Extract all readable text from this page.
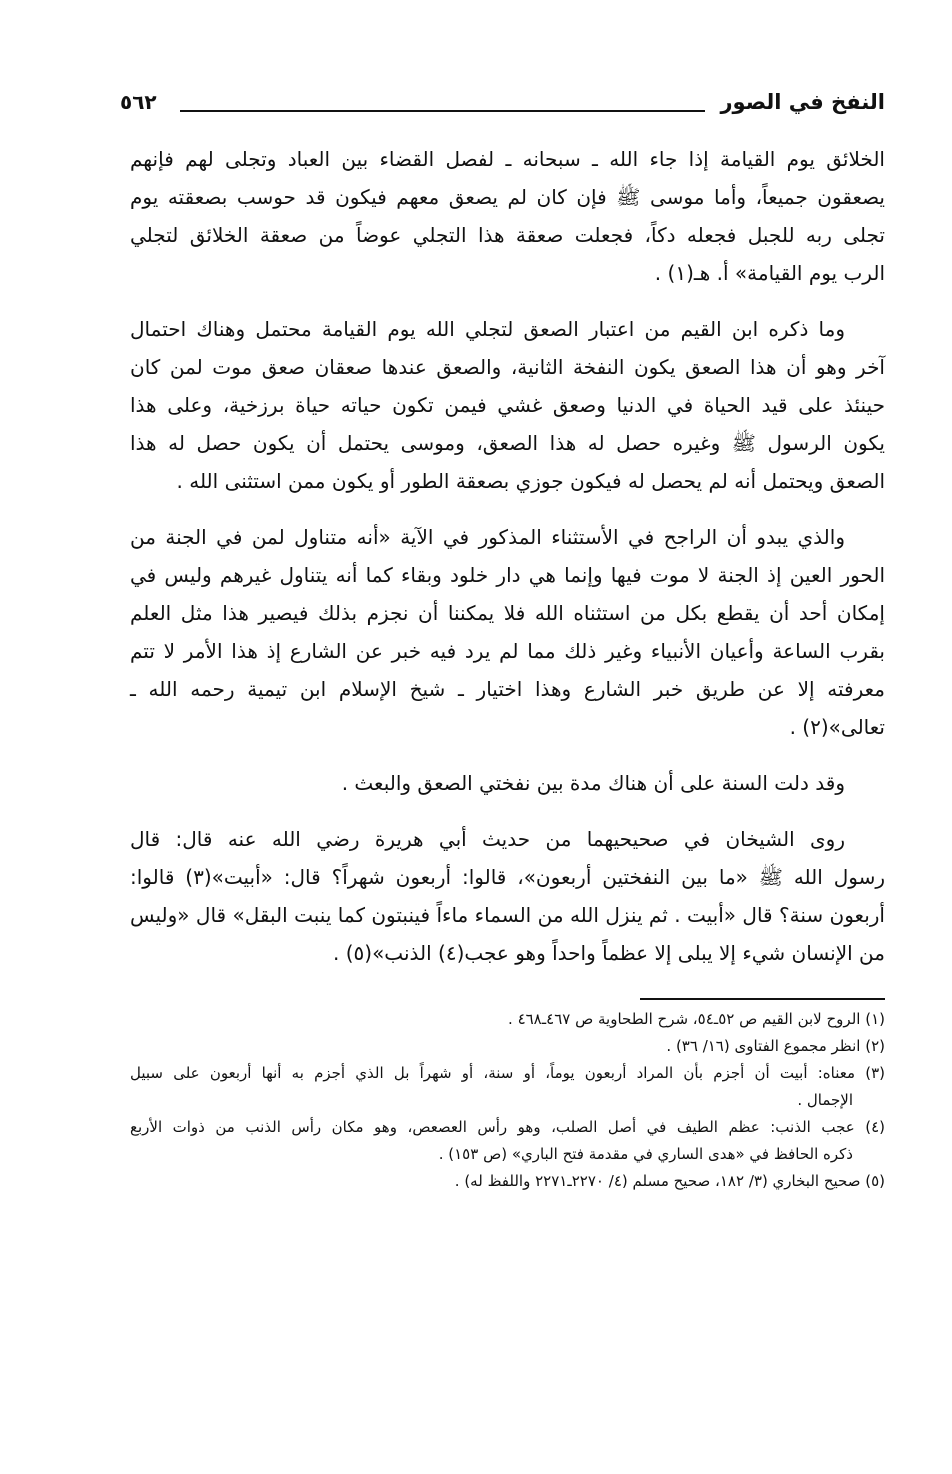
النفخ في الصور
٥٦٢
الخلائق يوم القيامة إذا جاء الله ـ سبحانه ـ لفصل القضاء بين العباد وتجلى لهم فإنهم
يصعقون جميعاً، وأما موسى ﷺ فإن كان لم يصعق معهم فيكون قد حوسب بصعقته يوم
تجلى ربه للجبل فجعله دكاً، فجعلت صعقة هذا التجلي عوضاً من صعقة الخلائق لتجلي
الرب يوم القيامة» أ. هـ(١) .
وما ذكره ابن القيم من اعتبار الصعق لتجلي الله يوم القيامة محتمل وهناك احتمال
آخر وهو أن هذا الصعق يكون النفخة الثانية، والصعق عندها صعقان صعق موت لمن كان
حينئذ على قيد الحياة في الدنيا وصعق غشي فيمن تكون حياته حياة برزخية، وعلى هذا
يكون الرسول ﷺ وغيره حصل له هذا الصعق، وموسى يحتمل أن يكون حصل له هذا
الصعق ويحتمل أنه لم يحصل له فيكون جوزي بصعقة الطور أو يكون ممن استثنى الله .
والذي يبدو أن الراجح في الأستثناء المذكور في الآية «أنه متناول لمن في الجنة من
الحور العين إذ الجنة لا موت فيها وإنما هي دار خلود وبقاء كما أنه يتناول غيرهم وليس في
إمكان أحد أن يقطع بكل من استثناه الله فلا يمكننا أن نجزم بذلك فيصير هذا مثل العلم
بقرب الساعة وأعيان الأنبياء وغير ذلك مما لم يرد فيه خبر عن الشارع إذ هذا الأمر لا تتم
معرفته إلا عن طريق خبر الشارع وهذا اختيار ـ شيخ الإسلام ابن تيمية رحمه الله ـ
تعالى»(٢) .
وقد دلت السنة على أن هناك مدة بين نفختي الصعق والبعث .
روى الشيخان في صحيحيهما من حديث أبي هريرة رضي الله عنه قال: قال
رسول الله ﷺ «ما بين النفختين أربعون»، قالوا: أربعون شهراً؟ قال: «أبيت»(٣) قالوا:
أربعون سنة؟ قال «أبيت . ثم ينزل الله من السماء ماءاً فينبتون كما ينبت البقل» قال «وليس
من الإنسان شيء إلا يبلى إلا عظماً واحداً وهو عجب(٤) الذنب»(٥) .
(١) الروح لابن القيم ص ٥٢ـ٥٤، شرح الطحاوية ص ٤٦٧ـ٤٦٨ .
(٢) انظر مجموع الفتاوى (١٦/ ٣٦) .
(٣) معناه: أبيت أن أجزم بأن المراد أربعون يوماً، أو سنة، أو شهراً بل الذي أجزم به أنها أربعون على سبيل
الإجمال .
(٤) عجب الذنب: عظم الطيف في أصل الصلب، وهو رأس العصعص، وهو مكان رأس الذنب من ذوات الأربع
ذكره الحافظ في «هدى الساري في مقدمة فتح الباري» (ص ١٥٣) .
(٥) صحيح البخاري (٣/ ١٨٢، صحيح مسلم (٤/ ٢٢٧٠ـ٢٢٧١ واللفظ له) .
